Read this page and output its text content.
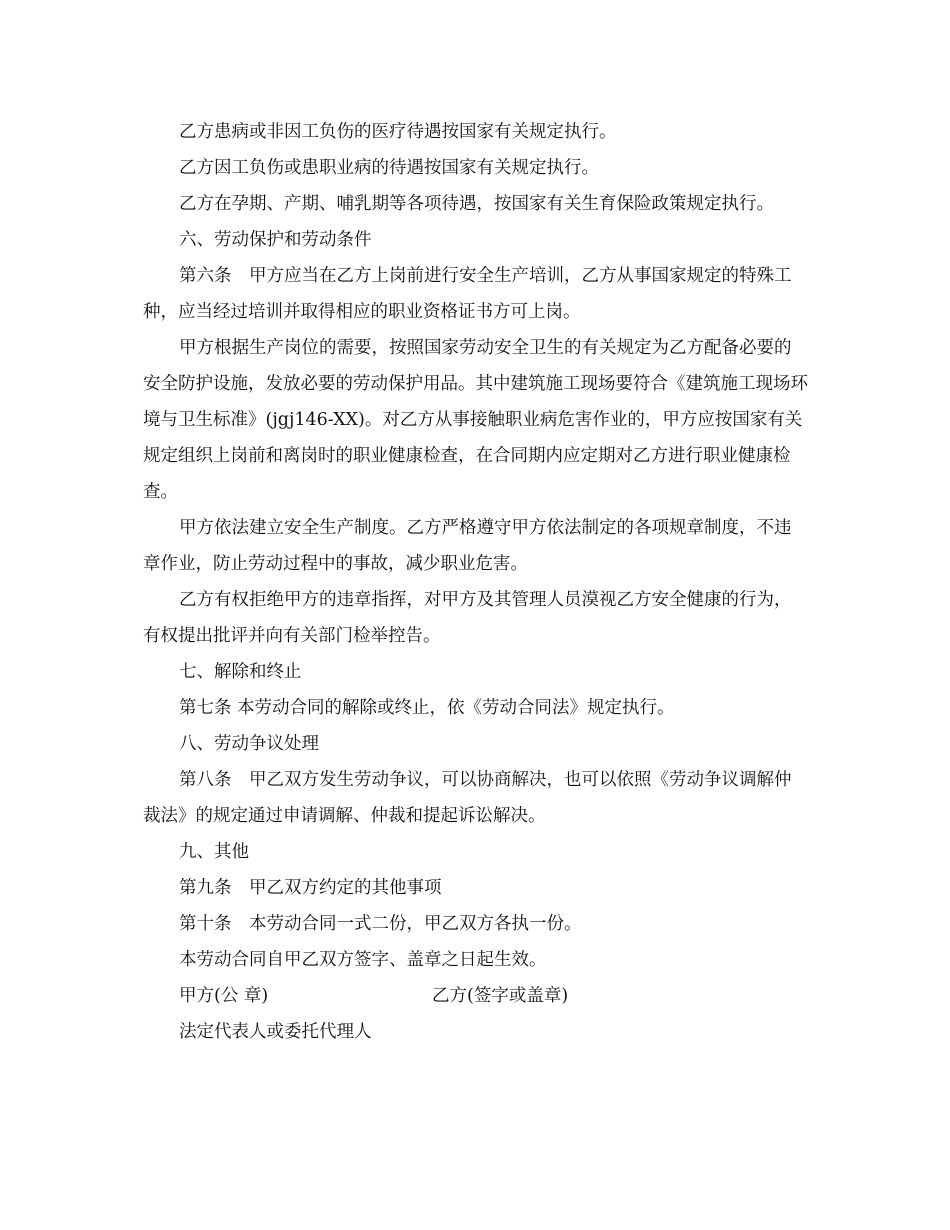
乙方患病或非因工负伤的医疗待遇按国家有关规定执行。

乙方因工负伤或患职业病的待遇按国家有关规定执行。

乙方在孕期、产期、哺乳期等各项待遇，按国家有关生育保险政策规定执行。

六、劳动保护和劳动条件

第六条　甲方应当在乙方上岗前进行安全生产培训，乙方从事国家规定的特殊工种，应当经过培训并取得相应的职业资格证书方可上岗。

甲方根据生产岗位的需要，按照国家劳动安全卫生的有关规定为乙方配备必要的安全防护设施，发放必要的劳动保护用品。其中建筑施工现场要符合《建筑施工现场环境与卫生标准》(jgj146-XX)。对乙方从事接触职业病危害作业的，甲方应按国家有关规定组织上岗前和离岗时的职业健康检查，在合同期内应定期对乙方进行职业健康检查。

甲方依法建立安全生产制度。乙方严格遵守甲方依法制定的各项规章制度，不违章作业，防止劳动过程中的事故，减少职业危害。

乙方有权拒绝甲方的违章指挥，对甲方及其管理人员漠视乙方安全健康的行为，有权提出批评并向有关部门检举控告。

七、解除和终止

第七条 本劳动合同的解除或终止，依《劳动合同法》规定执行。

八、劳动争议处理

第八条　甲乙双方发生劳动争议，可以协商解决，也可以依照《劳动争议调解仲裁法》的规定通过申请调解、仲裁和提起诉讼解决。

九、其他

第九条　甲乙双方约定的其他事项

第十条　本劳动合同一式二份，甲乙双方各执一份。

本劳动合同自甲乙双方签字、盖章之日起生效。

甲方(公 章)	乙方(签字或盖章)

法定代表人或委托代理人
